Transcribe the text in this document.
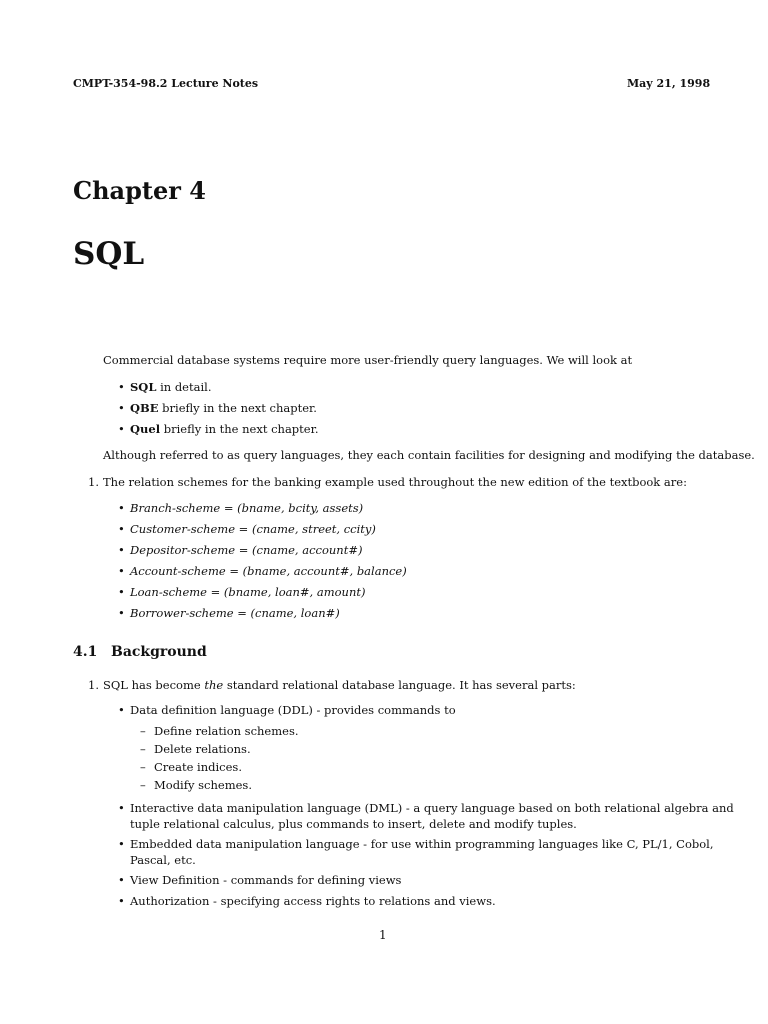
CMPT-354-98.2 Lecture Notes	May 21, 1998
Chapter 4
SQL
Commercial database systems require more user-friendly query languages. We will look at
• SQL in detail.
• QBE briefly in the next chapter.
• Quel briefly in the next chapter.
Although referred to as query languages, they each contain facilities for designing and modifying the database.
1. The relation schemes for the banking example used throughout the new edition of the textbook are:
• Branch-scheme = (bname, bcity, assets)
• Customer-scheme = (cname, street, ccity)
• Depositor-scheme = (cname, account#)
• Account-scheme = (bname, account#, balance)
• Loan-scheme = (bname, loan#, amount)
• Borrower-scheme = (cname, loan#)
4.1 Background
1. SQL has become the standard relational database language. It has several parts:
• Data definition language (DDL) - provides commands to
– Define relation schemes.
– Delete relations.
– Create indices.
– Modify schemes.
• Interactive data manipulation language (DML) - a query language based on both relational algebra and
tuple relational calculus, plus commands to insert, delete and modify tuples.
• Embedded data manipulation language - for use within programming languages like C, PL/1, Cobol,
Pascal, etc.
• View Definition - commands for defining views
• Authorization - specifying access rights to relations and views.
1
